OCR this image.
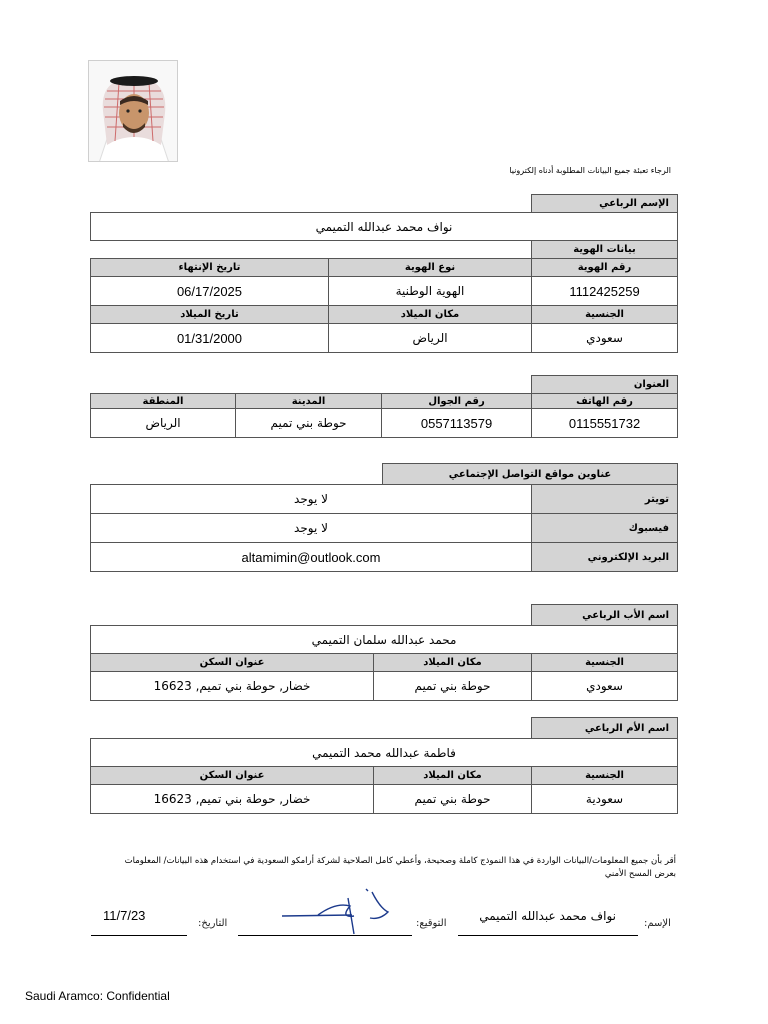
الرجاء تعبئة جميع البيانات المطلوبة أدناه إلكترونيا
الإسم الرباعي		
نواف محمد عبدالله التميمي		
بيانات الهوية		
رقم الهوية	نوع الهوية	تاريخ الإنتهاء
1112425259	الهوية الوطنية	06/17/2025
الجنسية	مكان الميلاد	تاريخ الميلاد
سعودي	الرياض	01/31/2000
العنوان			
رقم الهاتف	رقم الجوال	المدينة	المنطقة
0115551732	0557113579	حوطة بني تميم	الرياض
عناوين مواقع التواصل الإجتماعي		
تويتر	لا يوجد	
فيسبوك	لا يوجد	
البريد الإلكتروني	altamimin@outlook.com	
اسم الأب الرباعي		
محمد عبدالله سلمان التميمي		
الجنسية	مكان الميلاد	عنوان السكن
سعودي	حوطة بني تميم	خضار, حوطة بني تميم, 16623
اسم الأم الرباعي		
فاطمة عبدالله محمد التميمي		
الجنسية	مكان الميلاد	عنوان السكن
سعودية	حوطة بني تميم	خضار, حوطة بني تميم, 16623
أقر بأن جميع المعلومات/البيانات الواردة في هذا النموذج كاملة وصحيحة، وأعطي كامل الصلاحية لشركة أرامكو السعودية في استخدام هذه البيانات/ المعلومات بعرض المسح الأمني
الإسم:
نواف محمد عبدالله التميمي
التوقيع:
التاريخ:
11/7/23
Saudi Aramco: Confidential
